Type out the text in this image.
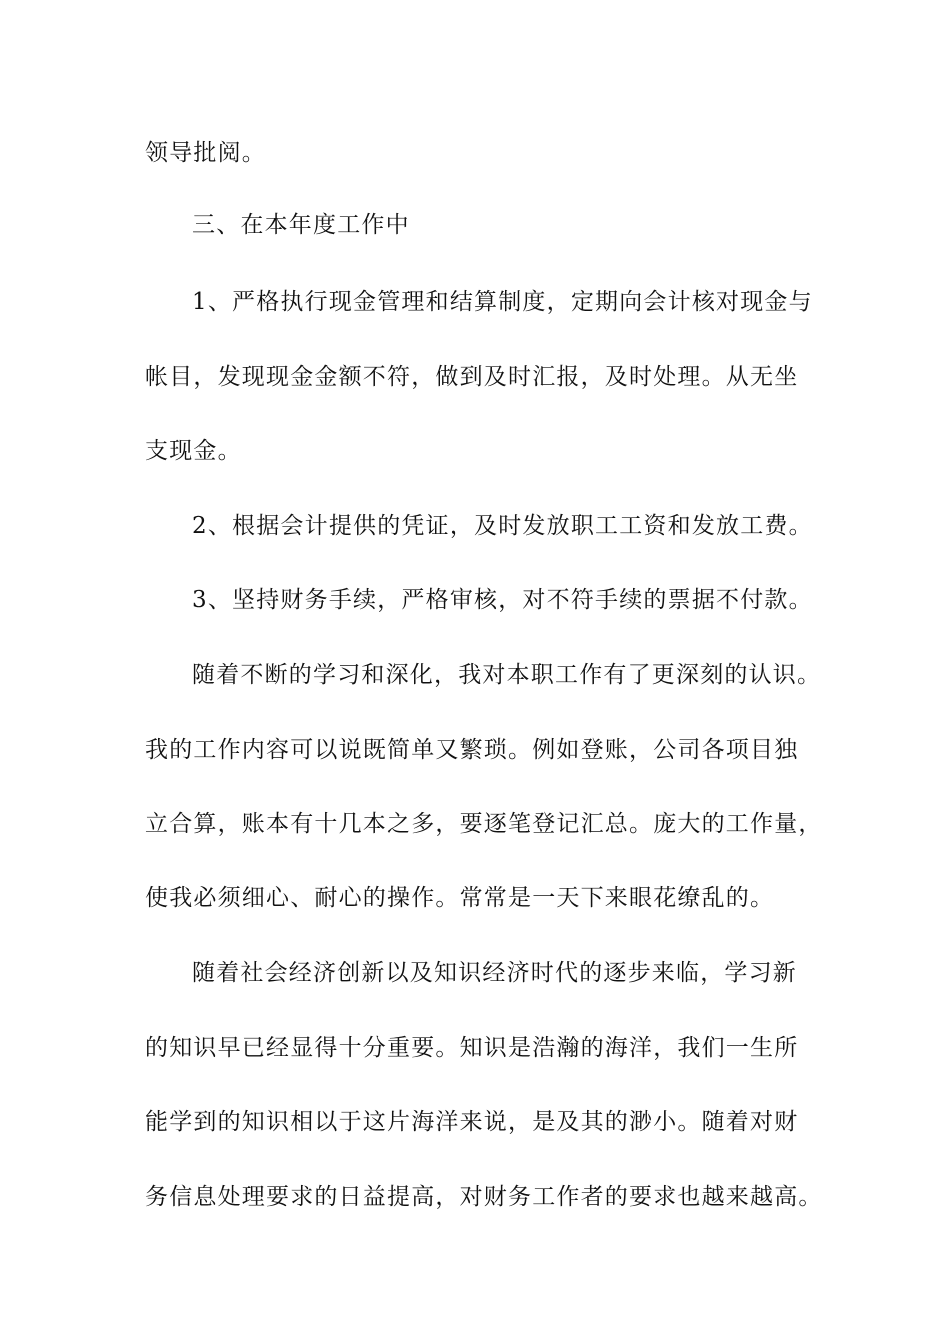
领导批阅。
三、在本年度工作中
1、严格执行现金管理和结算制度，定期向会计核对现金与
帐目，发现现金金额不符，做到及时汇报，及时处理。从无坐
支现金。
2、根据会计提供的凭证，及时发放职工工资和发放工费。
3、坚持财务手续，严格审核，对不符手续的票据不付款。
随着不断的学习和深化，我对本职工作有了更深刻的认识。
我的工作内容可以说既简单又繁琐。例如登账，公司各项目独
立合算，账本有十几本之多，要逐笔登记汇总。庞大的工作量，
使我必须细心、耐心的操作。常常是一天下来眼花缭乱的。
随着社会经济创新以及知识经济时代的逐步来临，学习新
的知识早已经显得十分重要。知识是浩瀚的海洋，我们一生所
能学到的知识相以于这片海洋来说，是及其的渺小。随着对财
务信息处理要求的日益提高，对财务工作者的要求也越来越高。
